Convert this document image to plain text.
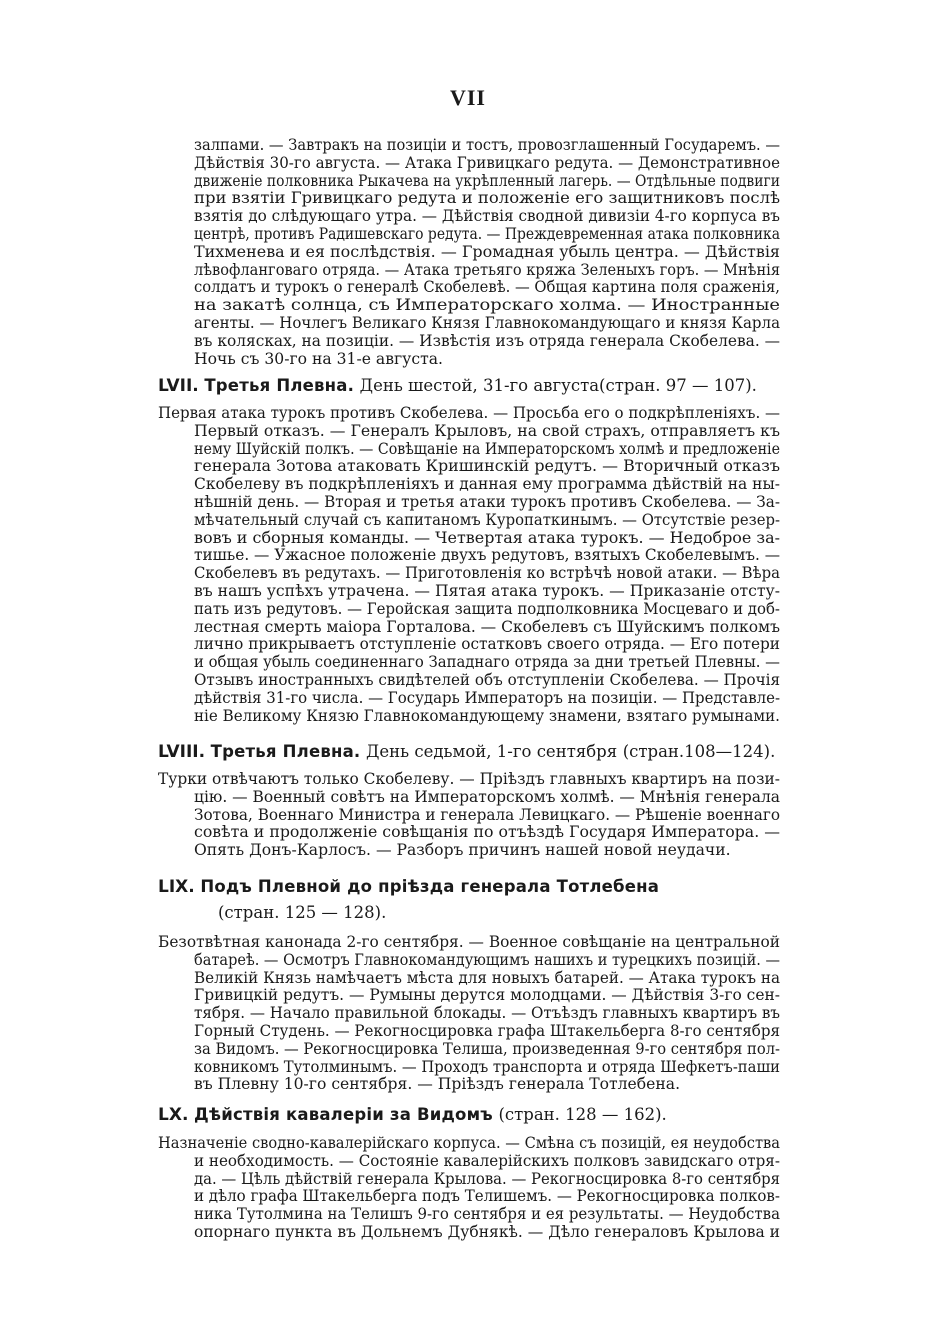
VII
залпами. — Завтракъ на позиціи и тостъ, провозглашенный Государемъ. —
Дѣйствія 30-го августа. — Атака Гривицкаго редута. — Демонстративное
движеніе полковника Рыкачева на укрѣпленный лагерь. — Отдѣльные подвиги
при взятіи Гривицкаго редута и положеніе его защитниковъ послѣ
взятія до слѣдующаго утра. — Дѣйствія сводной дивизіи 4-го корпуса въ
центрѣ, противъ Радишевскаго редута. — Преждевременная атака полковника
Тихменева и ея послѣдствія. — Громадная убыль центра. — Дѣйствія
лѣвофланговаго отряда. — Атака третьяго кряжа Зеленыхъ горъ. — Мнѣнія
солдатъ и турокъ о генералѣ Скобелевѣ. — Общая картина поля сраженія,
на закатѣ солнца, съ Императорскаго холма. — Иностранные
агенты. — Ночлегъ Великаго Князя Главнокомандующаго и князя Карла
въ колясках, на позиціи. — Извѣстія изъ отряда генерала Скобелева. —
Ночь съ 30-го на 31-е августа.
LVII. Третья Плевна. День шестой, 31-го августа(стран. 97 — 107).
Первая атака турокъ противъ Скобелева. — Просьба его о подкрѣпленіяхъ. —
Первый отказъ. — Генералъ Крыловъ, на свой страхъ, отправляетъ къ
нему Шуйскій полкъ. — Совѣщаніе на Императорскомъ холмѣ и предложеніе
генерала Зотова атаковать Кришинскій редутъ. — Вторичный отказъ
Скобелеву въ подкрѣпленіяхъ и данная ему программа дѣйствій на ны-
нѣшній день. — Вторая и третья атаки турокъ противъ Скобелева. — За-
мѣчательный случай съ капитаномъ Куропаткинымъ. — Отсутствіе резер-
вовъ и сборныя команды. — Четвертая атака турокъ. — Недоброе за-
тишье. — Ужасное положеніе двухъ редутовъ, взятыхъ Скобелевымъ. —
Скобелевъ въ редутахъ. — Приготовленія ко встрѣчѣ новой атаки. — Вѣра
въ нашъ успѣхъ утрачена. — Пятая атака турокъ. — Приказаніе отсту-
пать изъ редутовъ. — Геройская защита подполковника Мосцеваго и доб-
лестная смерть маіора Горталова. — Скобелевъ съ Шуйскимъ полкомъ
лично прикрываетъ отступленіе остатковъ своего отряда. — Его потери
и общая убыль соединеннаго Западнаго отряда за дни третьей Плевны. —
Отзывъ иностранныхъ свидѣтелей объ отступленіи Скобелева. — Прочія
дѣйствія 31-го числа. — Государь Императоръ на позиціи. — Представле-
ніе Великому Князю Главнокомандующему знамени, взятаго румынами.
LVIII. Третья Плевна. День седьмой, 1-го сентября (стран.108—124).
Турки отвѣчаютъ только Скобелеву. — Пріѣздъ главныхъ квартиръ на пози-
цію. — Военный совѣтъ на Императорскомъ холмѣ. — Мнѣнія генерала
Зотова, Военнаго Министра и генерала Левицкаго. — Рѣшеніе военнаго
совѣта и продолженіе совѣщанія по отъѣздѣ Государя Императора. —
Опять Донъ-Карлосъ. — Разборъ причинъ нашей новой неудачи.
LIX. Подъ Плевной до пріѣзда генерала Тотлебена
(стран. 125 — 128).
Безотвѣтная канонада 2-го сентября. — Военное совѣщаніе на центральной
батареѣ. — Осмотръ Главнокомандующимъ нашихъ и турецкихъ позицій. —
Великій Князь намѣчаетъ мѣста для новыхъ батарей. — Атака турокъ на
Гривицкій редутъ. — Румыны дерутся молодцами. — Дѣйствія 3-го сен-
тября. — Начало правильной блокады. — Отъѣздъ главныхъ квартиръ въ
Горный Студень. — Рекогносцировка графа Штакельберга 8-го сентября
за Видомъ. — Рекогносцировка Телиша, произведенная 9-го сентября пол-
ковникомъ Тутолминымъ. — Проходъ транспорта и отряда Шефкетъ-паши
въ Плевну 10-го сентября. — Пріѣздъ генерала Тотлебена.
LX. Дѣйствія кавалеріи за Видомъ (стран. 128 — 162).
Назначеніе сводно-кавалерійскаго корпуса. — Смѣна съ позицій, ея неудобства
и необходимость. — Состояніе кавалерійскихъ полковъ завидскаго отря-
да. — Цѣль дѣйствій генерала Крылова. — Рекогносцировка 8-го сентября
и дѣло графа Штакельберга подъ Телишемъ. — Рекогносцировка полков-
ника Тутолмина на Телишъ 9-го сентября и ея результаты. — Неудобства
опорнаго пункта въ Дольнемъ Дубнякѣ. — Дѣло генераловъ Крылова и
